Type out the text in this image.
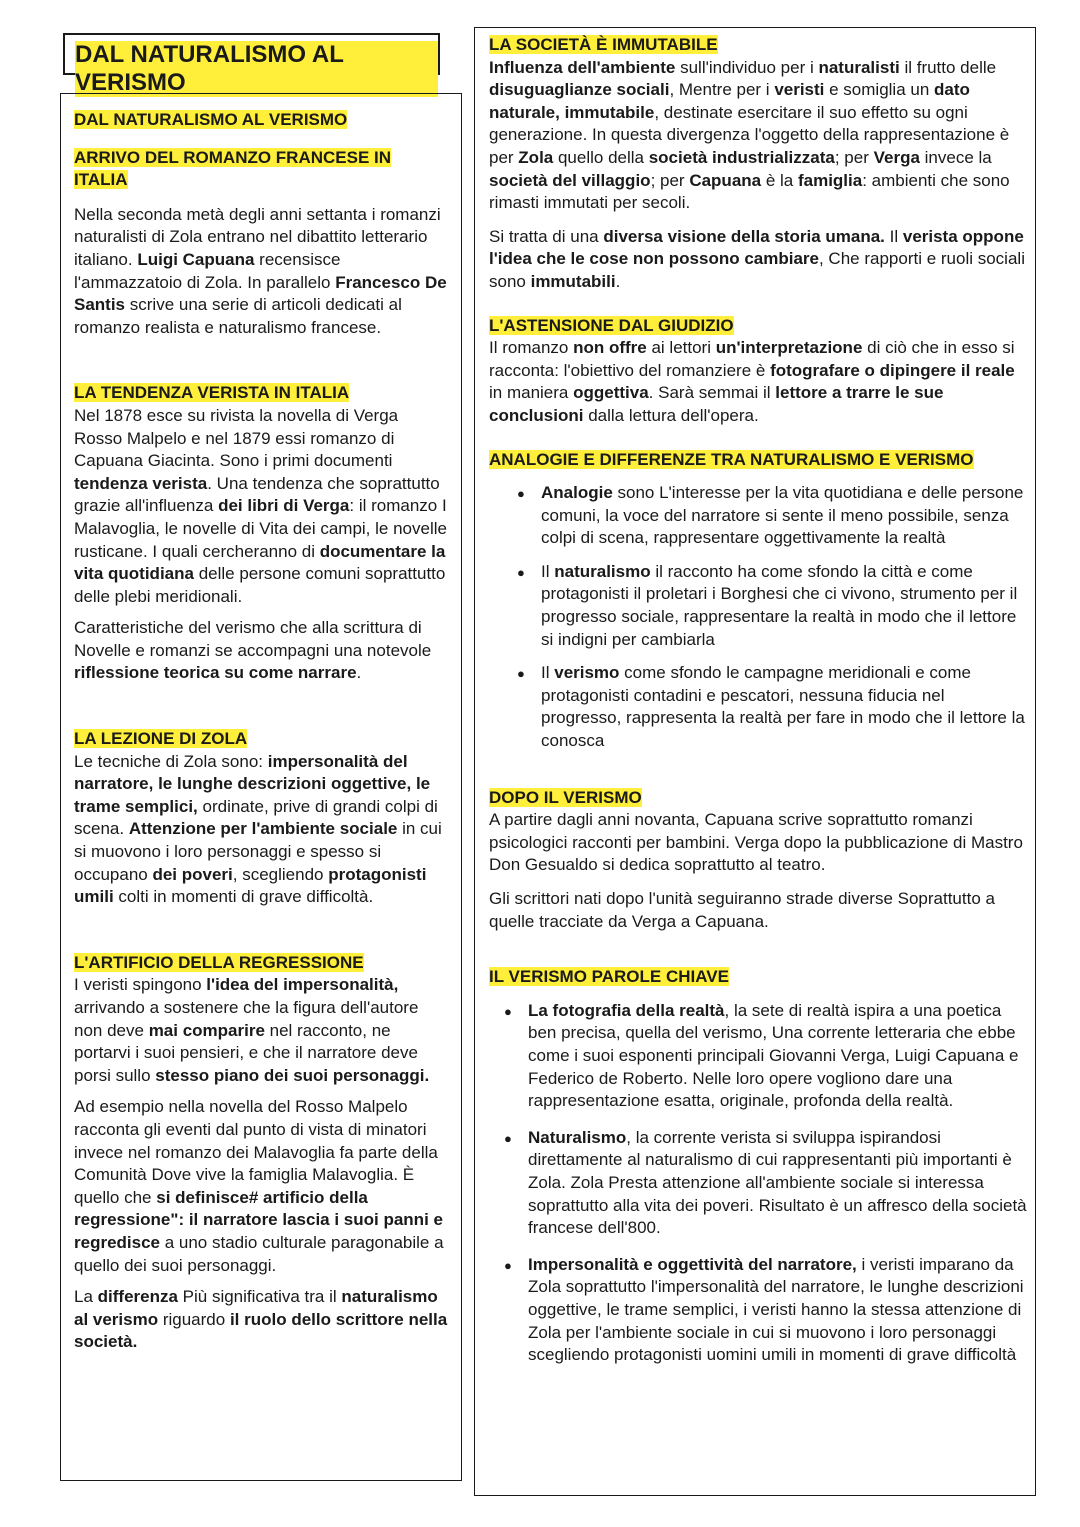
DAL NATURALISMO AL VERISMO
DAL NATURALISMO AL VERISMO
ARRIVO DEL ROMANZO FRANCESE IN ITALIA

Nella seconda metà degli anni settanta i romanzi naturalisti di Zola entrano nel dibattito letterario italiano. Luigi Capuana recensisce l'ammazzatoio di Zola. In parallelo Francesco De Santis scrive una serie di articoli dedicati al romanzo realista e naturalismo francese.

LA TENDENZA VERISTA IN ITALIA

Nel 1878 esce su rivista la novella di Verga Rosso Malpelo e nel 1879 essi romanzo di Capuana Giacinta. Sono i primi documenti tendenza verista. Una tendenza che soprattutto grazie all'influenza dei libri di Verga: il romanzo I Malavoglia, le novelle di Vita dei campi, le novelle rusticane. I quali cercheranno di documentare la vita quotidiana delle persone comuni soprattutto delle plebi meridionali.

Caratteristiche del verismo che alla scrittura di Novelle e romanzi se accompagni una notevole riflessione teorica su come narrare.

LA LEZIONE DI ZOLA

Le tecniche di Zola sono: impersonalità del narratore, le lunghe descrizioni oggettive, le trame semplici, ordinate, prive di grandi colpi di scena. Attenzione per l'ambiente sociale in cui si muovono i loro personaggi e spesso si occupano dei poveri, scegliendo protagonisti umili colti in momenti di grave difficoltà.

L'ARTIFICIO DELLA REGRESSIONE

I veristi spingono l'idea del impersonalità, arrivando a sostenere che la figura dell'autore non deve mai comparire nel racconto, ne portarvi i suoi pensieri, e che il narratore deve porsi sullo stesso piano dei suoi personaggi.

Ad esempio nella novella del Rosso Malpelo racconta gli eventi dal punto di vista di minatori invece nel romanzo dei Malavoglia fa parte della Comunità Dove vive la famiglia Malavoglia. È quello che si definisce# artificio della regressione": il narratore lascia i suoi panni e regredisce a uno stadio culturale paragonabile a quello dei suoi personaggi.

La differenza Più significativa tra il naturalismo al verismo riguardo il ruolo dello scrittore nella società.

LA SOCIETÀ È IMMUTABILE

Influenza dell'ambiente sull'individuo per i naturalisti il frutto delle disuguaglianze sociali, Mentre per i veristi e somiglia un dato naturale, immutabile, destinate esercitare il suo effetto su ogni generazione. In questa divergenza l'oggetto della rappresentazione è per Zola quello della società industrializzata; per Verga invece la società del villaggio; per Capuana è la famiglia: ambienti che sono rimasti immutati per secoli.

Si tratta di una diversa visione della storia umana. Il verista oppone l'idea che le cose non possono cambiare, Che rapporti e ruoli sociali sono immutabili.

L'ASTENSIONE DAL GIUDIZIO

Il romanzo non offre ai lettori un'interpretazione di ciò che in esso si racconta: l'obiettivo del romanziere è fotografare o dipingere il reale in maniera oggettiva. Sarà semmai il lettore a trarre le sue conclusioni dalla lettura dell'opera.

ANALOGIE E DIFFERENZE TRA NATURALISMO E VERISMO
● Analogie sono L'interesse per la vita quotidiana e delle persone comuni, la voce del narratore si sente il meno possibile, senza colpi di scena, rappresentare oggettivamente la realtà
● Il naturalismo il racconto ha come sfondo la città e come protagonisti il proletari i Borghesi che ci vivono, strumento per il progresso sociale, rappresentare la realtà in modo che il lettore si indigni per cambiarla
● Il verismo come sfondo le campagne meridionali e come protagonisti contadini e pescatori, nessuna fiducia nel progresso, rappresenta la realtà per fare in modo che il lettore la conosca
DOPO IL VERISMO

A partire dagli anni novanta, Capuana scrive soprattutto romanzi psicologici racconti per bambini. Verga dopo la pubblicazione di Mastro Don Gesualdo si dedica soprattutto al teatro.

Gli scrittori nati dopo l'unità seguiranno strade diverse Soprattutto a quelle tracciate da Verga a Capuana.

IL VERISMO PAROLE CHIAVE
● La fotografia della realtà, la sete di realtà ispira a una poetica ben precisa, quella del verismo, Una corrente letteraria che ebbe come i suoi esponenti principali Giovanni Verga, Luigi Capuana e Federico de Roberto. Nelle loro opere vogliono dare una rappresentazione esatta, originale, profonda della realtà.
● Naturalismo, la corrente verista si sviluppa ispirandosi direttamente al naturalismo di cui rappresentanti più importanti è Zola. Zola Presta attenzione all'ambiente sociale si interessa soprattutto alla vita dei poveri. Risultato è un affresco della società francese dell'800.
● Impersonalità e oggettività del narratore, i veristi imparano da Zola soprattutto l'impersonalità del narratore, le lunghe descrizioni oggettive, le trame semplici, i veristi hanno la stessa attenzione di Zola per l'ambiente sociale in cui si muovono i loro personaggi scegliendo protagonisti uomini umili in momenti di grave difficoltà
